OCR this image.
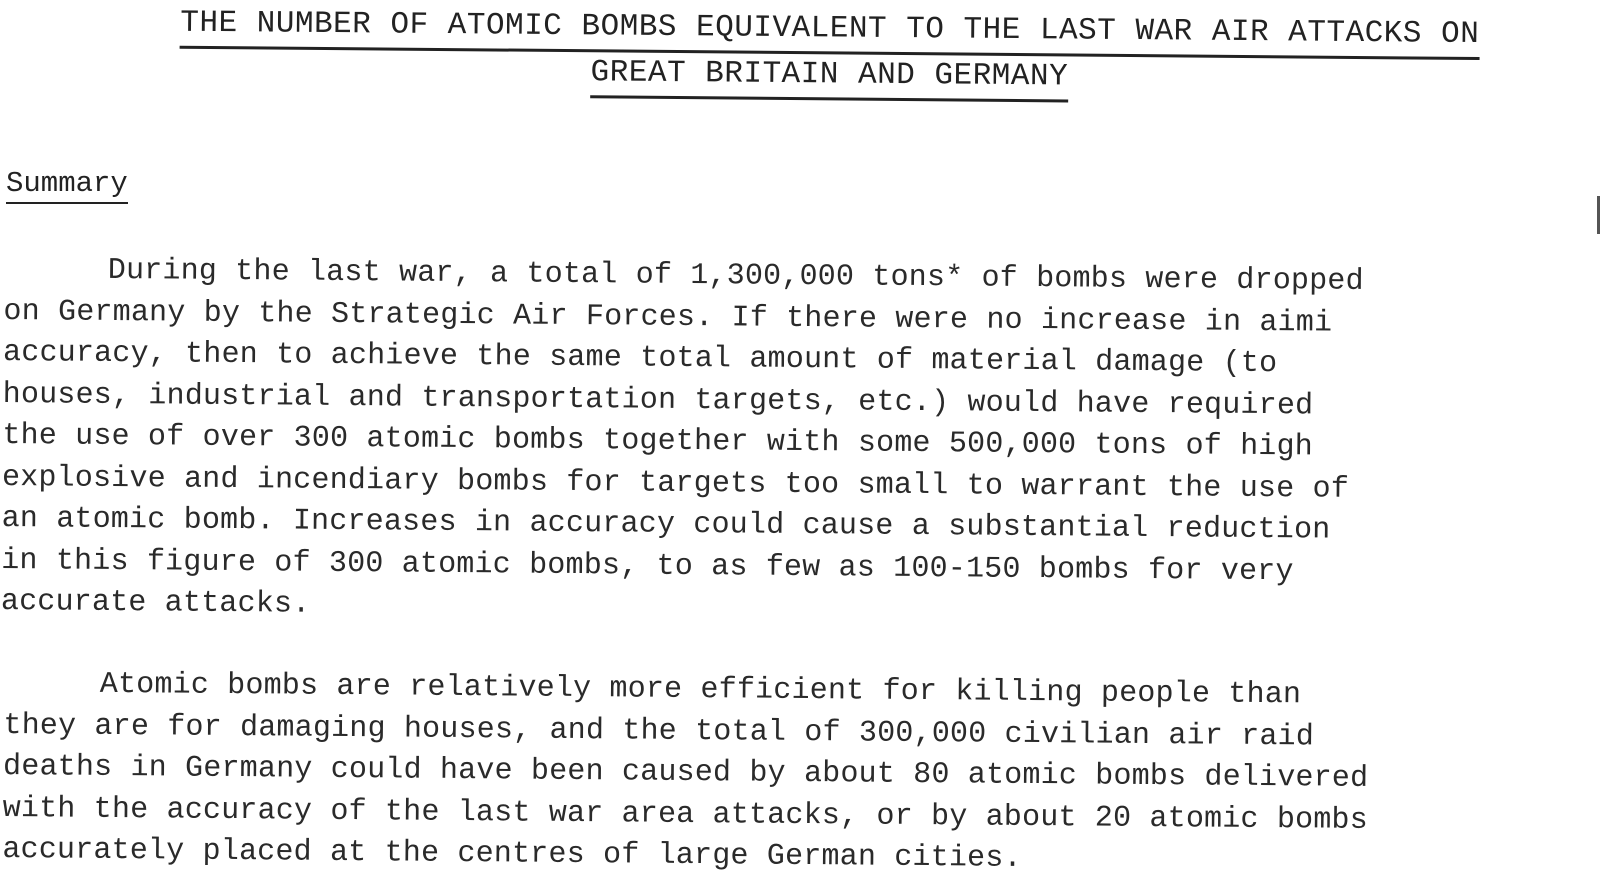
THE NUMBER OF ATOMIC BOMBS EQUIVALENT TO THE LAST WAR AIR ATTACKS ON
GREAT BRITAIN AND GERMANY
Summary
During the last war, a total of 1,300,000 tons* of bombs were dropped
on Germany by the Strategic Air Forces. If there were no increase in aimi
accuracy, then to achieve the same total amount of material damage (to
houses, industrial and transportation targets, etc.) would have required
the use of over 300 atomic bombs together with some 500,000 tons of high
explosive and incendiary bombs for targets too small to warrant the use of
an atomic bomb. Increases in accuracy could cause a substantial reduction
in this figure of 300 atomic bombs, to as few as 100-150 bombs for very
accurate attacks.
Atomic bombs are relatively more efficient for killing people than
they are for damaging houses, and the total of 300,000 civilian air raid
deaths in Germany could have been caused by about 80 atomic bombs delivered
with the accuracy of the last war area attacks, or by about 20 atomic bombs
accurately placed at the centres of large German cities.
